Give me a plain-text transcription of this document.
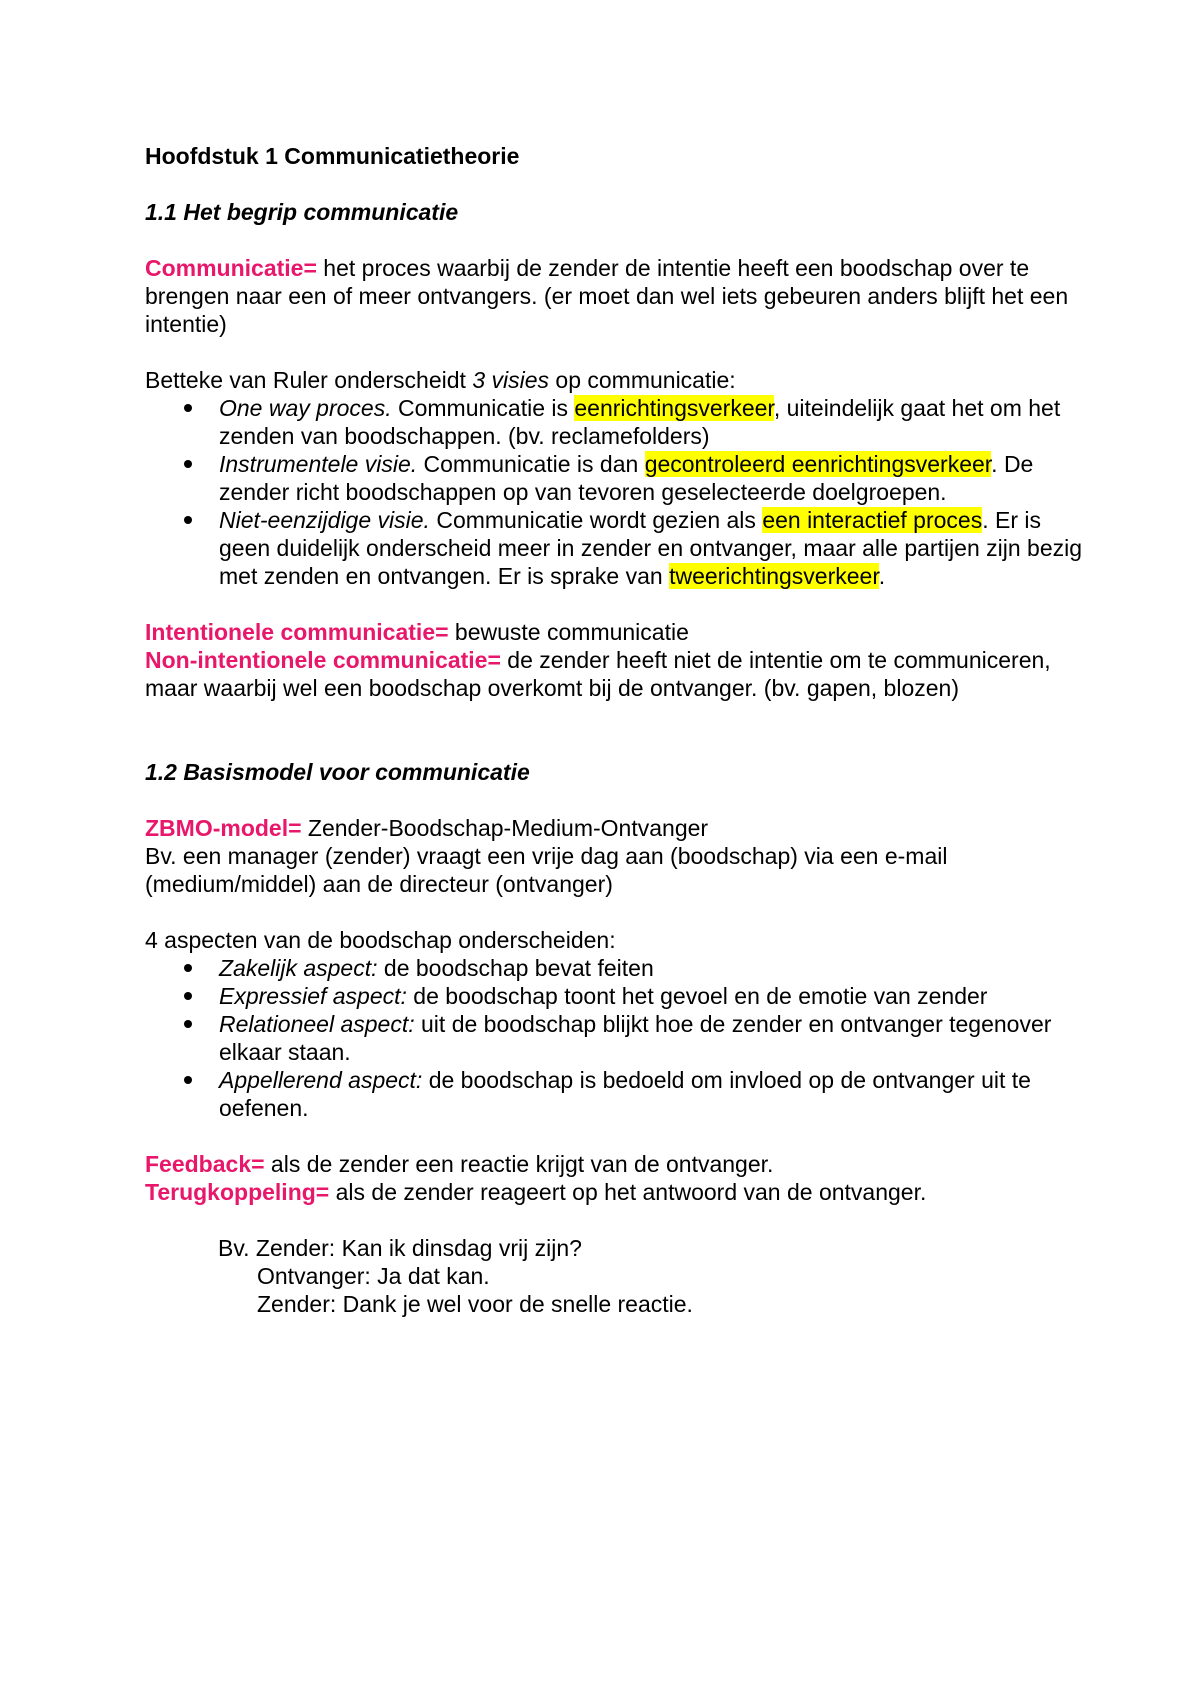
Hoofdstuk 1 Communicatietheorie

1.1 Het begrip communicatie

Communicatie= het proces waarbij de zender de intentie heeft een boodschap over te brengen naar een of meer ontvangers. (er moet dan wel iets gebeuren anders blijft het een intentie)

Betteke van Ruler onderscheidt 3 visies op communicatie:

One way proces. Communicatie is eenrichtingsverkeer, uiteindelijk gaat het om het zenden van boodschappen. (bv. reclamefolders)
Instrumentele visie. Communicatie is dan gecontroleerd eenrichtingsverkeer. De zender richt boodschappen op van tevoren geselecteerde doelgroepen.
Niet-eenzijdige visie. Communicatie wordt gezien als een interactief proces. Er is geen duidelijk onderscheid meer in zender en ontvanger, maar alle partijen zijn bezig met zenden en ontvangen. Er is sprake van tweerichtingsverkeer.

Intentionele communicatie= bewuste communicatie

Non-intentionele communicatie= de zender heeft niet de intentie om te communiceren, maar waarbij wel een boodschap overkomt bij de ontvanger. (bv. gapen, blozen)

1.2 Basismodel voor communicatie

ZBMO-model= Zender-Boodschap-Medium-Ontvanger

Bv. een manager (zender) vraagt een vrije dag aan (boodschap) via een e-mail (medium/middel) aan de directeur (ontvanger)

4 aspecten van de boodschap onderscheiden:

Zakelijk aspect: de boodschap bevat feiten
Expressief aspect: de boodschap toont het gevoel en de emotie van zender
Relationeel aspect: uit de boodschap blijkt hoe de zender en ontvanger tegenover elkaar staan.
Appellerend aspect: de boodschap is bedoeld om invloed op de ontvanger uit te oefenen.

Feedback= als de zender een reactie krijgt van de ontvanger.

Terugkoppeling= als de zender reageert op het antwoord van de ontvanger.

Bv. Zender: Kan ik dinsdag vrij zijn?

Ontvanger: Ja dat kan.

Zender: Dank je wel voor de snelle reactie.
